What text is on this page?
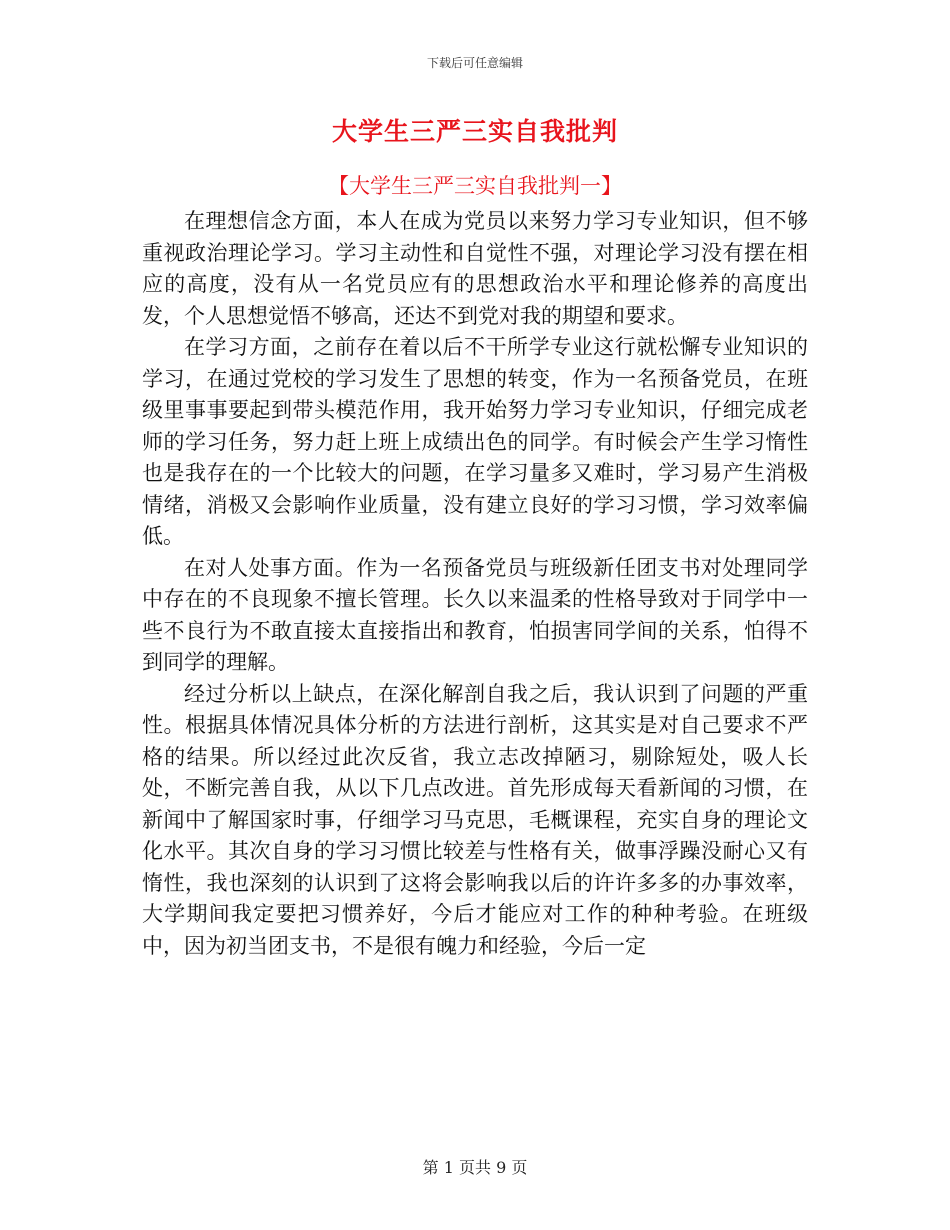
下载后可任意编辑
大学生三严三实自我批判
【大学生三严三实自我批判一】

在理想信念方面，本人在成为党员以来努力学习专业知识，但不够重视政治理论学习。学习主动性和自觉性不强，对理论学习没有摆在相应的高度，没有从一名党员应有的思想政治水平和理论修养的高度出发，个人思想觉悟不够高，还达不到党对我的期望和要求。

在学习方面，之前存在着以后不干所学专业这行就松懈专业知识的学习，在通过党校的学习发生了思想的转变，作为一名预备党员，在班级里事事要起到带头模范作用，我开始努力学习专业知识，仔细完成老师的学习任务，努力赶上班上成绩出色的同学。有时候会产生学习惰性也是我存在的一个比较大的问题，在学习量多又难时，学习易产生消极情绪，消极又会影响作业质量，没有建立良好的学习习惯，学习效率偏低。

在对人处事方面。作为一名预备党员与班级新任团支书对处理同学中存在的不良现象不擅长管理。长久以来温柔的性格导致对于同学中一些不良行为不敢直接太直接指出和教育，怕损害同学间的关系，怕得不到同学的理解。

经过分析以上缺点，在深化解剖自我之后，我认识到了问题的严重性。根据具体情况具体分析的方法进行剖析，这其实是对自己要求不严格的结果。所以经过此次反省，我立志改掉陋习，剔除短处，吸人长处，不断完善自我，从以下几点改进。首先形成每天看新闻的习惯，在新闻中了解国家时事，仔细学习马克思，毛概课程，充实自身的理论文化水平。其次自身的学习习惯比较差与性格有关，做事浮躁没耐心又有惰性，我也深刻的认识到了这将会影响我以后的许许多多的办事效率，大学期间我定要把习惯养好，今后才能应对工作的种种考验。在班级中，因为初当团支书，不是很有魄力和经验，今后一定

第 1 页共 9 页
